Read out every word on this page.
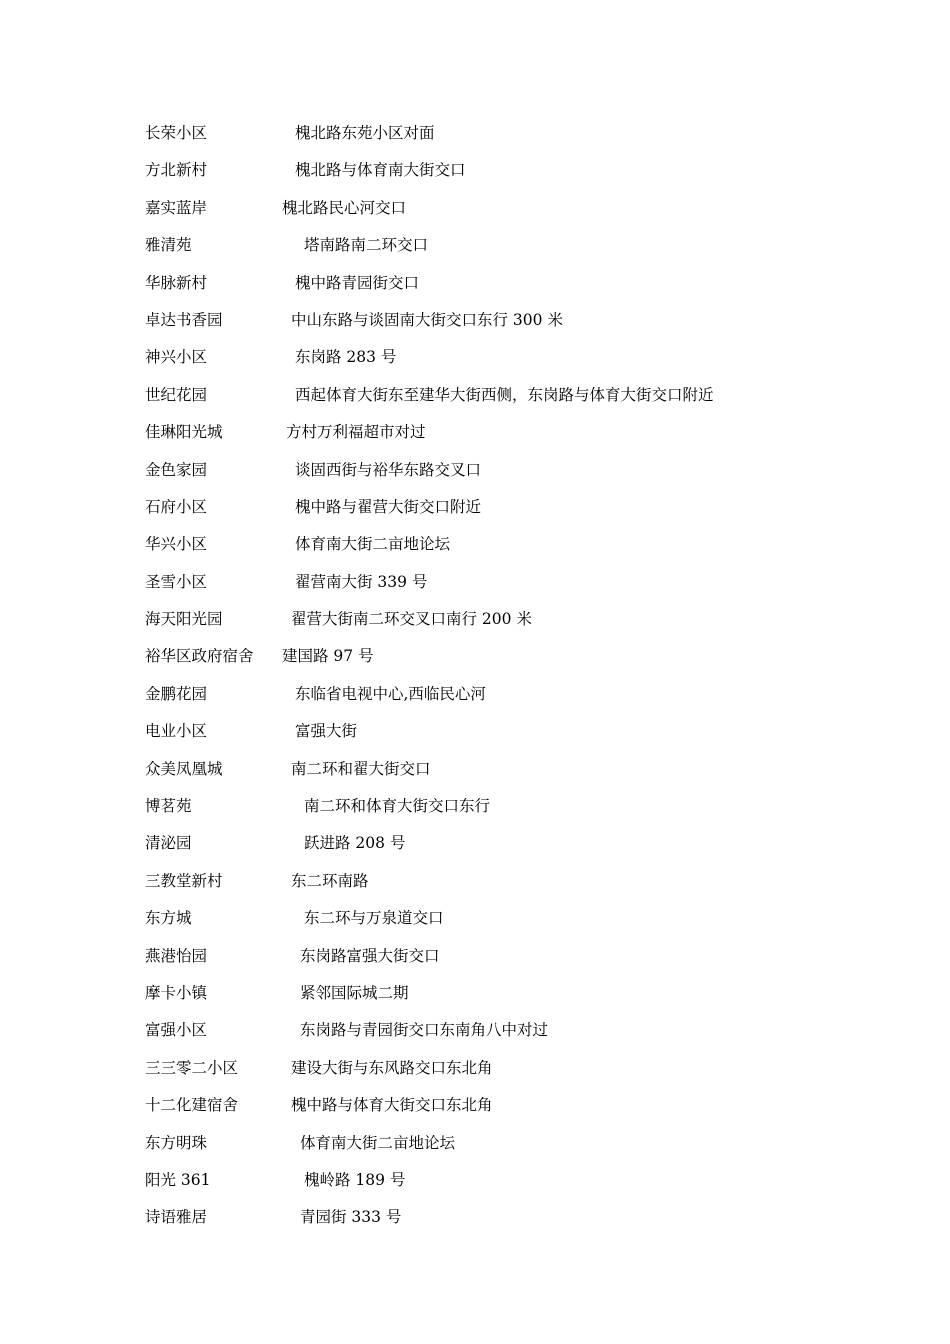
长荣小区	槐北路东苑小区对面
方北新村	槐北路与体育南大街交口
嘉实蓝岸	槐北路民心河交口
雅清苑	塔南路南二环交口
华脉新村	槐中路青园街交口
卓达书香园	中山东路与谈固南大街交口东行 300 米
神兴小区	东岗路 283 号
世纪花园	西起体育大街东至建华大街西侧，东岗路与体育大街交口附近
佳琳阳光城	方村万利福超市对过
金色家园	谈固西街与裕华东路交叉口
石府小区	槐中路与翟营大街交口附近
华兴小区	体育南大街二亩地论坛
圣雪小区	翟营南大街 339 号
海天阳光园	翟营大街南二环交叉口南行 200 米
裕华区政府宿舍 建国路 97 号
金鹏花园	东临省电视中心,西临民心河
电业小区	富强大街
众美凤凰城	南二环和翟大街交口
博茗苑	南二环和体育大街交口东行
清泌园	跃进路 208 号
三教堂新村	东二环南路
东方城	东二环与万泉道交口
燕港怡园	东岗路富强大街交口
摩卡小镇	紧邻国际城二期
富强小区	东岗路与青园街交口东南角八中对过
三三零二小区	建设大街与东风路交口东北角
十二化建宿舍	槐中路与体育大街交口东北角
东方明珠	体育南大街二亩地论坛
阳光 361	槐岭路 189 号
诗语雅居	青园街 333 号
